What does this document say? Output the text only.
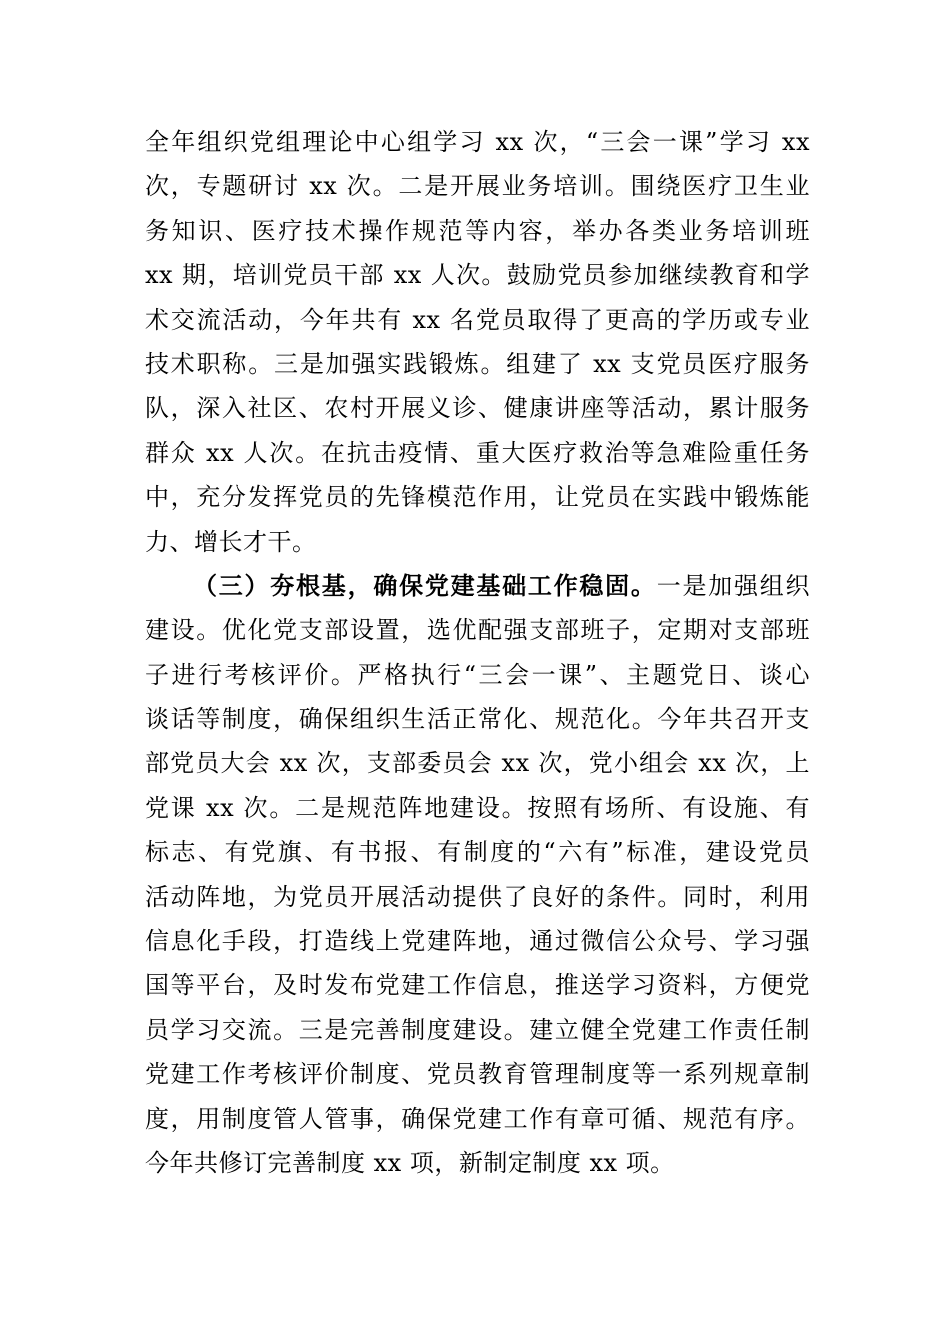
全年组织党组理论中心组学习 xx 次，“三会一课”学习 xx
次，专题研讨 xx 次。二是开展业务培训。围绕医疗卫生业
务知识、医疗技术操作规范等内容，举办各类业务培训班
xx 期，培训党员干部 xx 人次。鼓励党员参加继续教育和学
术交流活动，今年共有 xx 名党员取得了更高的学历或专业
技术职称。三是加强实践锻炼。组建了 xx 支党员医疗服务
队，深入社区、农村开展义诊、健康讲座等活动，累计服务
群众 xx 人次。在抗击疫情、重大医疗救治等急难险重任务
中，充分发挥党员的先锋模范作用，让党员在实践中锻炼能
力、增长才干。
（三）夯根基，确保党建基础工作稳固。一是加强组织
建设。优化党支部设置，选优配强支部班子，定期对支部班
子进行考核评价。严格执行“三会一课”、主题党日、谈心
谈话等制度，确保组织生活正常化、规范化。今年共召开支
部党员大会 xx 次，支部委员会 xx 次，党小组会 xx 次，上
党课 xx 次。二是规范阵地建设。按照有场所、有设施、有
标志、有党旗、有书报、有制度的“六有”标准，建设党员
活动阵地，为党员开展活动提供了良好的条件。同时，利用
信息化手段，打造线上党建阵地，通过微信公众号、学习强
国等平台，及时发布党建工作信息，推送学习资料，方便党
员学习交流。三是完善制度建设。建立健全党建工作责任制
党建工作考核评价制度、党员教育管理制度等一系列规章制
度，用制度管人管事，确保党建工作有章可循、规范有序。
今年共修订完善制度 xx 项，新制定制度 xx 项。
